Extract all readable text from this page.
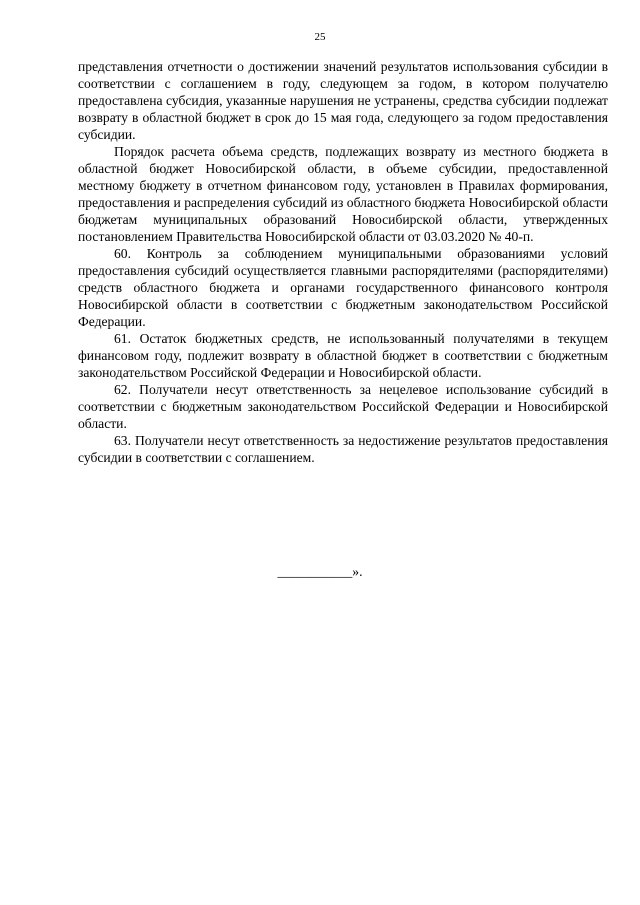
25

представления отчетности о достижении значений результатов использования субсидии в соответствии с соглашением в году, следующем за годом, в котором получателю предоставлена субсидия, указанные нарушения не устранены, средства субсидии подлежат возврату в областной бюджет в срок до 15 мая года, следующего за годом предоставления субсидии.

Порядок расчета объема средств, подлежащих возврату из местного бюджета в областной бюджет Новосибирской области, в объеме субсидии, предоставленной местному бюджету в отчетном финансовом году, установлен в Правилах формирования, предоставления и распределения субсидий из областного бюджета Новосибирской области бюджетам муниципальных образований Новосибирской области, утвержденных постановлением Правительства Новосибирской области от 03.03.2020 № 40-п.

60. Контроль за соблюдением муниципальными образованиями условий предоставления субсидий осуществляется главными распорядителями (распорядителями) средств областного бюджета и органами государственного финансового контроля Новосибирской области в соответствии с бюджетным законодательством Российской Федерации.

61. Остаток бюджетных средств, не использованный получателями в текущем финансовом году, подлежит возврату в областной бюджет в соответствии с бюджетным законодательством Российской Федерации и Новосибирской области.

62. Получатели несут ответственность за нецелевое использование субсидий в соответствии с бюджетным законодательством Российской Федерации и Новосибирской области.

63. Получатели несут ответственность за недостижение результатов предоставления субсидии в соответствии с соглашением.

___________».
